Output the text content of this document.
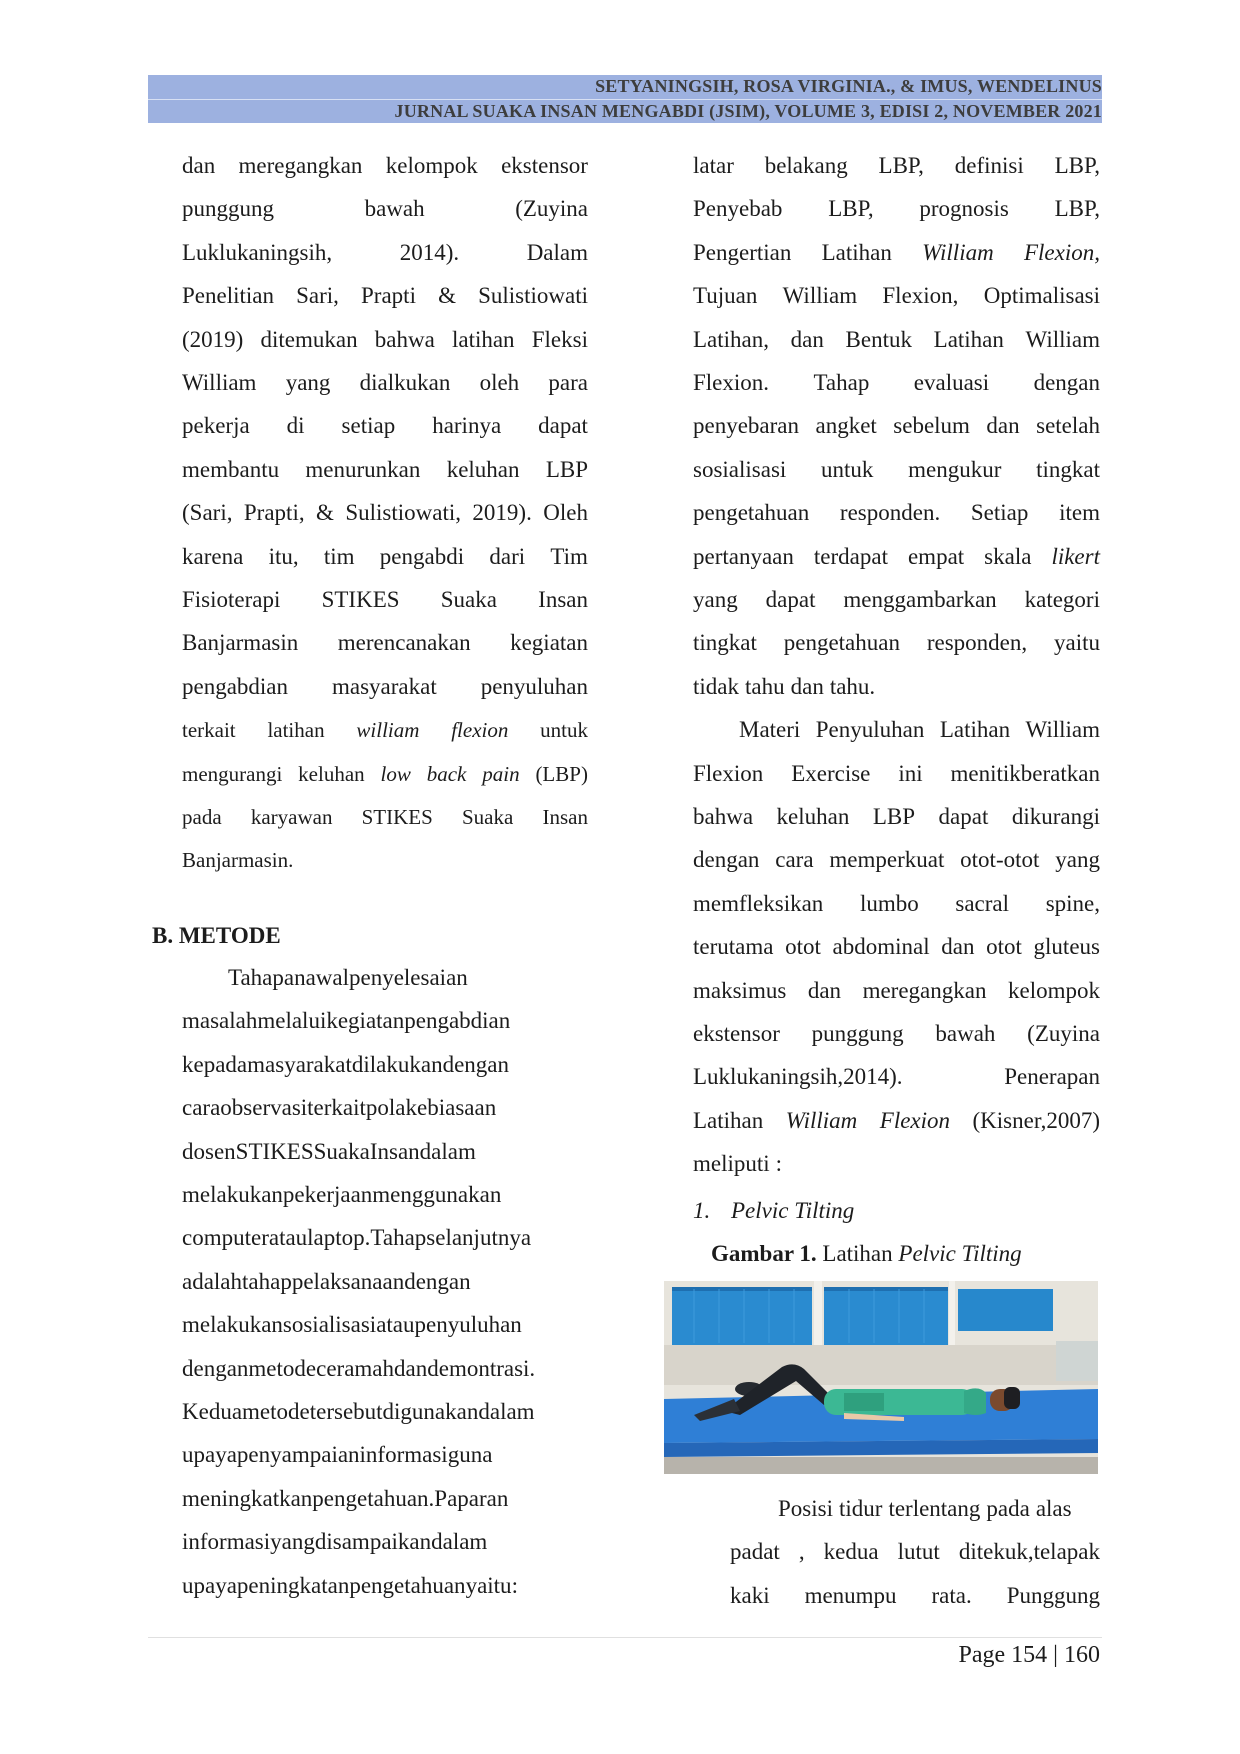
SETYANINGSIH, ROSA VIRGINIA., & IMUS, WENDELINUS
JURNAL SUAKA INSAN MENGABDI (JSIM), VOLUME 3, EDISI 2, NOVEMBER 2021
dan meregangkan kelompok ekstensor
punggung	bawah	(Zuyina
Luklukaningsih,	2014).	Dalam
Penelitian Sari, Prapti & Sulistiowati
(2019) ditemukan bahwa latihan Fleksi
William yang dialkukan oleh para
pekerja di setiap harinya dapat
membantu menurunkan keluhan LBP
(Sari, Prapti, & Sulistiowati, 2019). Oleh
karena itu, tim pengabdi dari Tim
Fisioterapi STIKES Suaka Insan
Banjarmasin merencanakan kegiatan
pengabdian masyarakat penyuluhan
terkait latihan william flexion untuk
mengurangi keluhan low back pain (LBP)
pada karyawan STIKES Suaka Insan
Banjarmasin.
B. METODE
Tahapan awal penyelesaian
masalah melalui kegiatan pengabdian
kepada masyarakat dilakukan dengan
cara observasi terkait pola kebiasaan
dosen STIKES Suaka Insan dalam
melakukan pekerjaan menggunakan
computer atau laptop. Tahap selanjutnya
adalah tahap pelaksanaan dengan
melakukan sosialisasi atau penyuluhan
dengan metode ceramah dan demontrasi.
Kedua metode tersebut digunakan dalam
upaya penyampaian informasi guna
meningkatkan pengetahuan. Paparan
informasi yang disampaikan dalam
upaya peningkatan pengetahuan yaitu :
latar belakang LBP, definisi LBP,
Penyebab LBP, prognosis LBP,
Pengertian Latihan William Flexion,
Tujuan William Flexion, Optimalisasi
Latihan, dan Bentuk Latihan William
Flexion. Tahap evaluasi dengan
penyebaran angket sebelum dan setelah
sosialisasi untuk mengukur tingkat
pengetahuan responden. Setiap item
pertanyaan terdapat empat skala likert
yang dapat menggambarkan kategori
tingkat pengetahuan responden, yaitu
tidak tahu dan tahu.
Materi Penyuluhan Latihan William
Flexion Exercise ini menitikberatkan
bahwa keluhan LBP dapat dikurangi
dengan cara memperkuat otot-otot yang
memfleksikan lumbo sacral spine,
terutama otot abdominal dan otot gluteus
maksimus dan meregangkan kelompok
ekstensor punggung bawah (Zuyina
Luklukaningsih,2014).	Penerapan
Latihan William Flexion (Kisner,2007)
meliputi :
1. Pelvic Tilting
Gambar 1. Latihan Pelvic Tilting
Posisi tidur terlentang pada alas
padat , kedua lutut ditekuk,telapak
kaki menumpu rata. Punggung
Page 154 | 160
